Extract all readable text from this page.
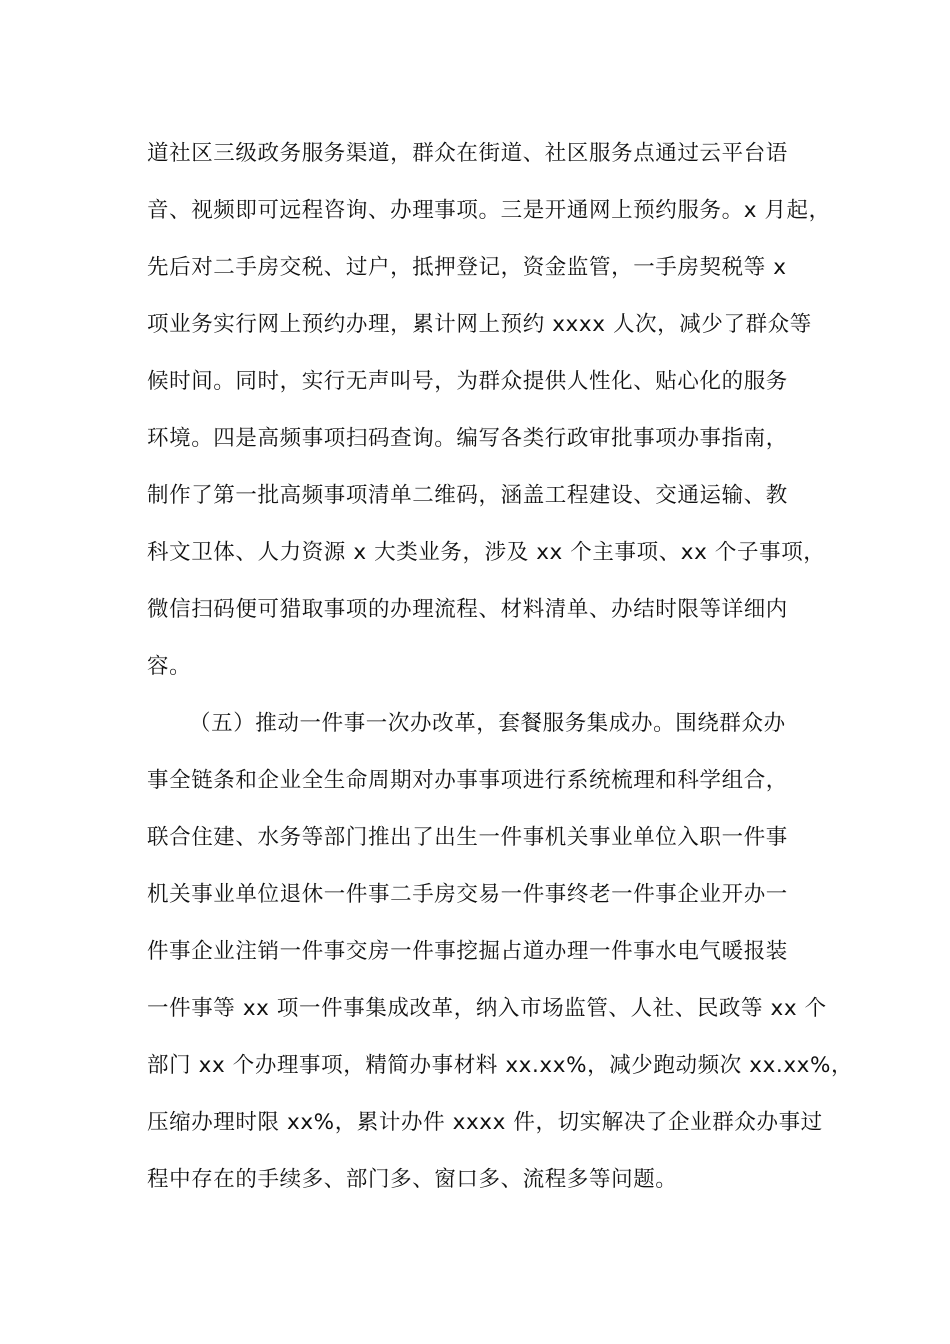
道社区三级政务服务渠道，群众在街道、社区服务点通过云平台语
音、视频即可远程咨询、办理事项。三是开通网上预约服务。x 月起，
先后对二手房交税、过户，抵押登记，资金监管，一手房契税等 x
项业务实行网上预约办理，累计网上预约 xxxx 人次，减少了群众等
候时间。同时，实行无声叫号，为群众提供人性化、贴心化的服务
环境。四是高频事项扫码查询。编写各类行政审批事项办事指南，
制作了第一批高频事项清单二维码，涵盖工程建设、交通运输、教
科文卫体、人力资源 x 大类业务，涉及 xx 个主事项、xx 个子事项，
微信扫码便可猎取事项的办理流程、材料清单、办结时限等详细内
容。
（五）推动一件事一次办改革，套餐服务集成办。围绕群众办
事全链条和企业全生命周期对办事事项进行系统梳理和科学组合，
联合住建、水务等部门推出了出生一件事机关事业单位入职一件事
机关事业单位退休一件事二手房交易一件事终老一件事企业开办一
件事企业注销一件事交房一件事挖掘占道办理一件事水电气暖报装
一件事等 xx 项一件事集成改革，纳入市场监管、人社、民政等 xx 个
部门 xx 个办理事项，精简办事材料 xx.xx%，减少跑动频次 xx.xx%，
压缩办理时限 xx%，累计办件 xxxx 件，切实解决了企业群众办事过
程中存在的手续多、部门多、窗口多、流程多等问题。
